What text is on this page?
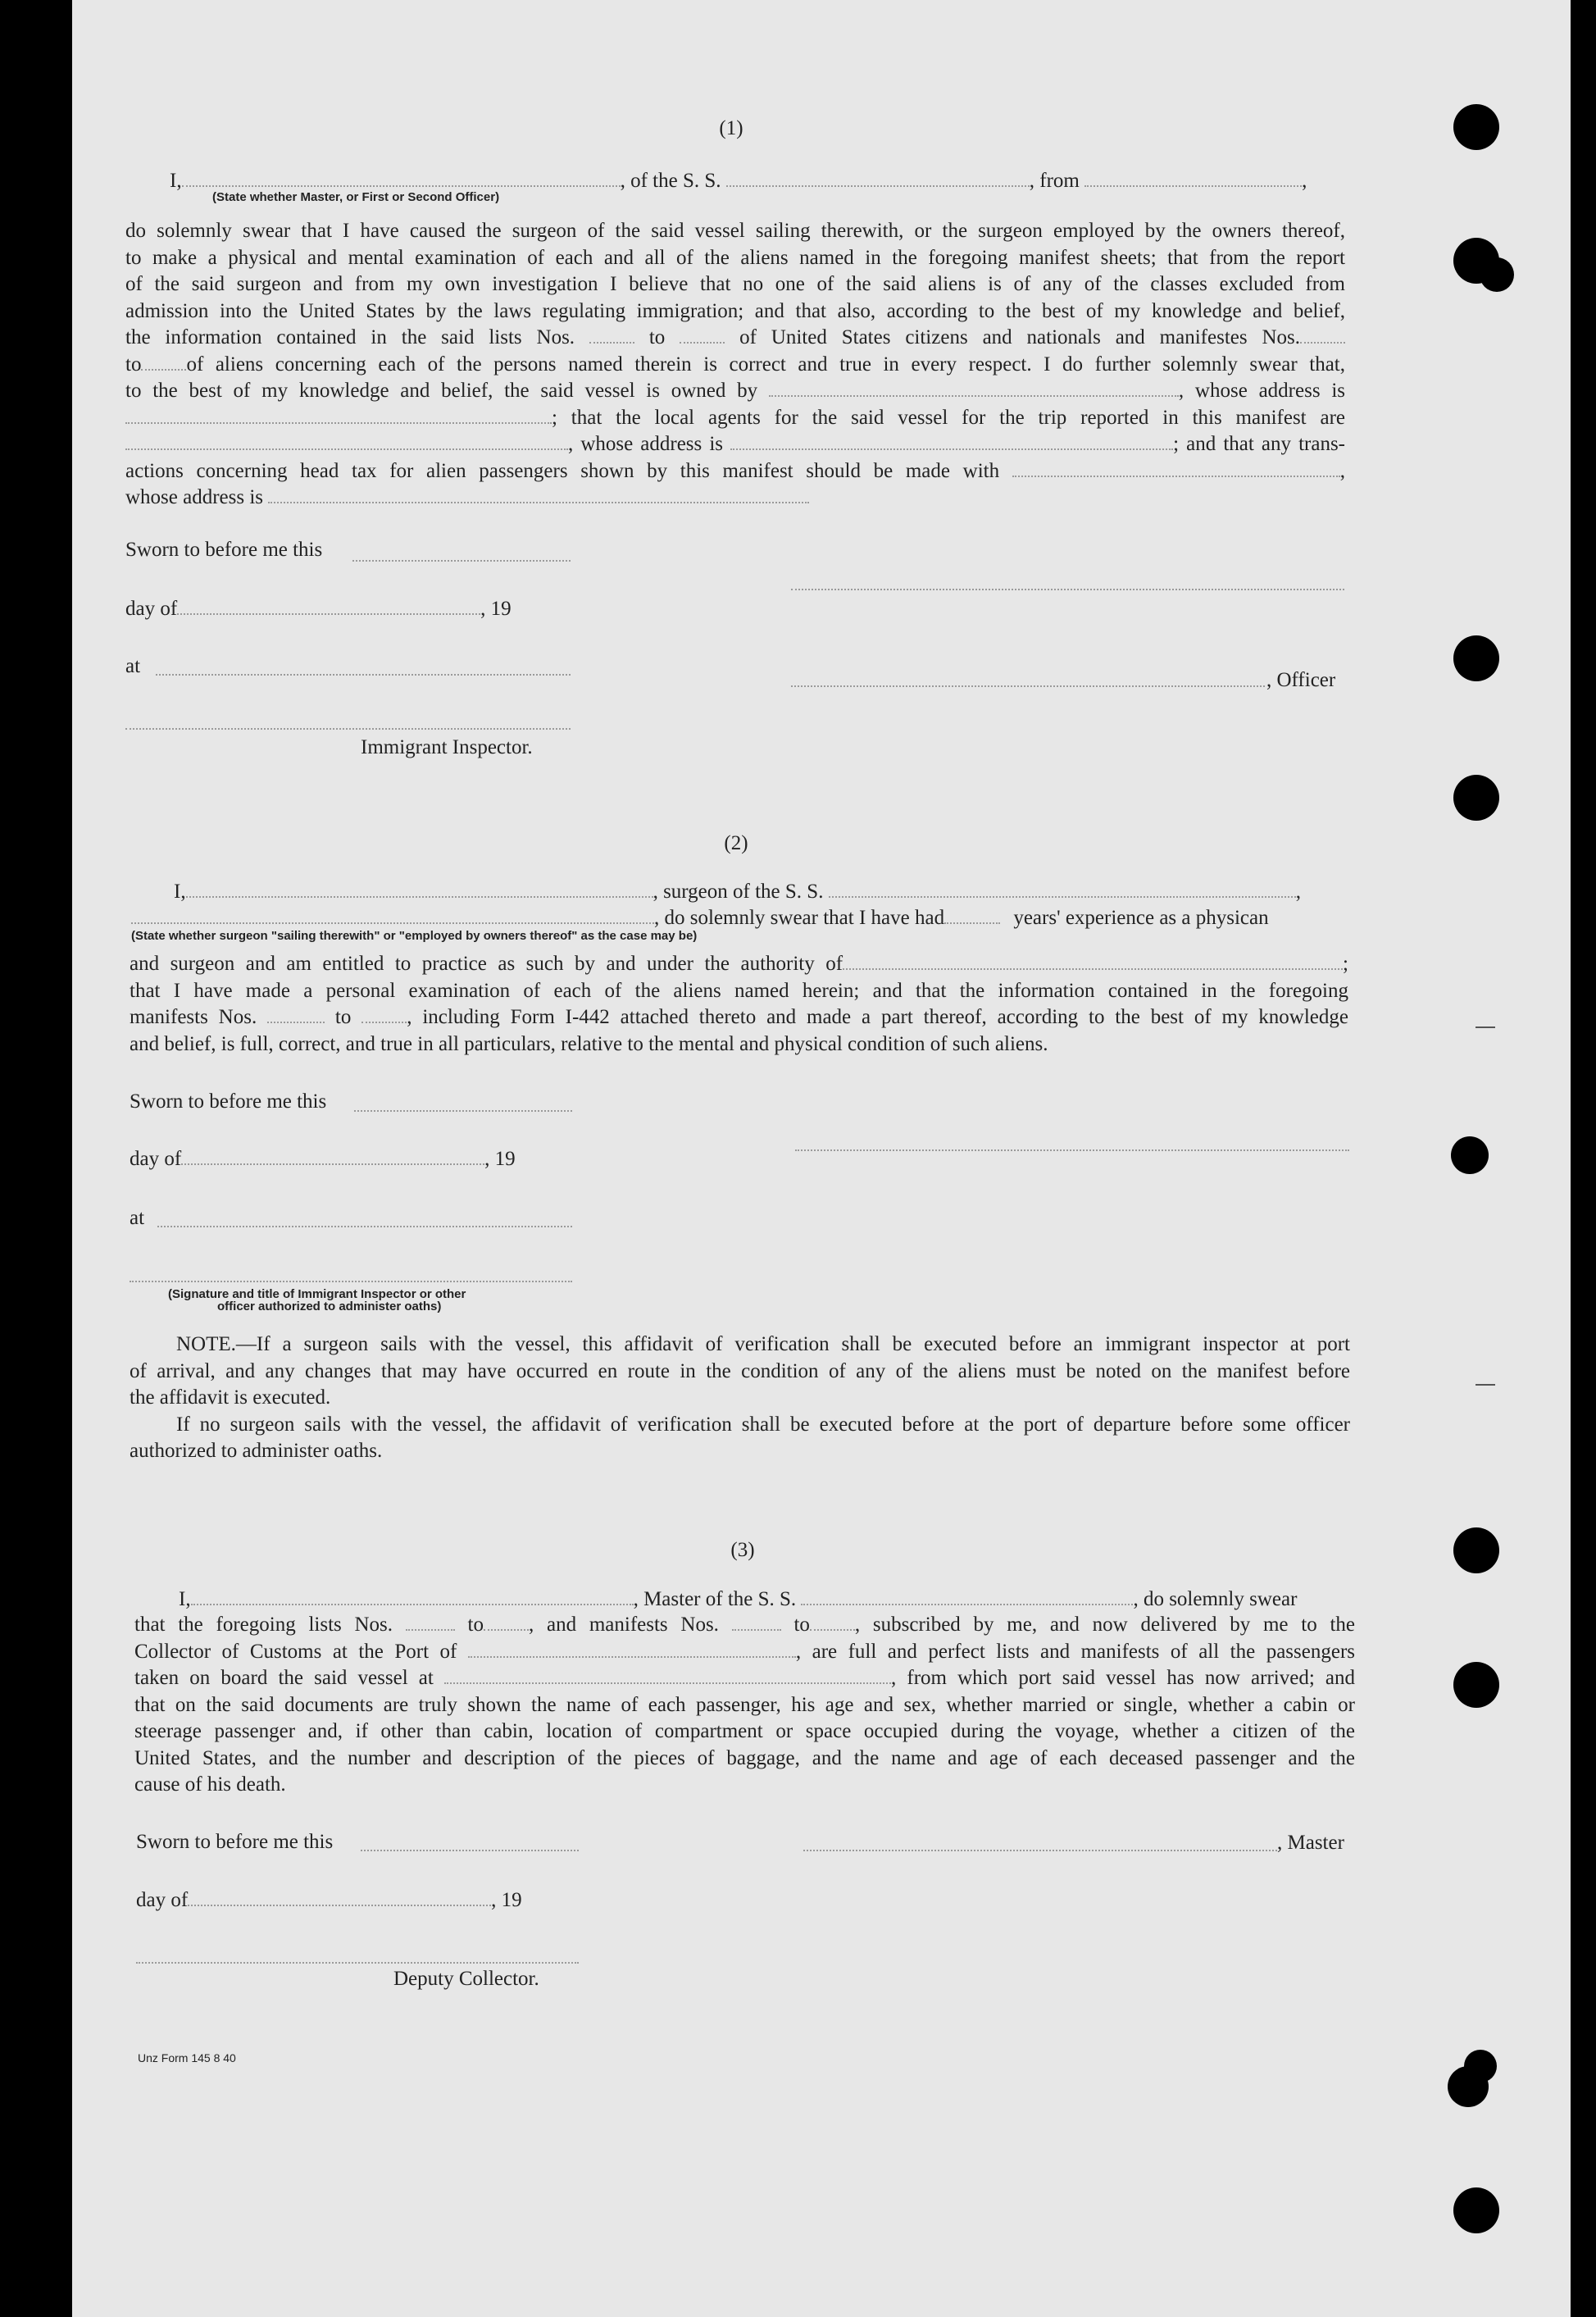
(1)
I,	, of the S. S.	, from	,
(State whether Master, or First or Second Officer)
do solemnly swear that I have caused the surgeon of the said vessel sailing therewith, or the surgeon employed by the owners thereof,
to make a physical and mental examination of each and all of the aliens named in the foregoing manifest sheets; that from the report
of the said surgeon and from my own investigation I believe that no one of the said aliens is of any of the classes excluded from
admission into the United States by the laws regulating immigration; and that also, according to the best of my knowledge and belief,
the information contained in the said lists Nos.	to	of United States citizens and nationals and manifestes Nos.
to of aliens concerning each of the persons named therein is correct and true in every respect. I do further solemnly swear that,
to the best of my knowledge and belief, the said vessel is owned by	, whose address is
; that the local agents for the said vessel for the trip reported in this manifest are
, whose address is	; and that any trans-
actions concerning head tax for alien passengers shown by this manifest should be made with	,
whose address is
Sworn to before me this
day of	, 19
at
, Officer
Immigrant Inspector.
(2)
I,	, surgeon of the S. S.	,
, do solemnly swear that I have had	years' experience as a physican
(State whether surgeon "sailing therewith" or "employed by owners thereof" as the case may be)
and surgeon and am entitled to practice as such by and under the authority of	;
that I have made a personal examination of each of the aliens named herein; and that the information contained in the foregoing
manifests Nos.	to	, including Form I-442 attached thereto and made a part thereof, according to the best of my knowledge
and belief, is full, correct, and true in all particulars, relative to the mental and physical condition of such aliens.
Sworn to before me this
day of	, 19
at
(Signature and title of Immigrant Inspector or other
officer authorized to administer oaths)
NOTE.—If a surgeon sails with the vessel, this affidavit of verification shall be executed before an immigrant inspector at port
of arrival, and any changes that may have occurred en route in the condition of any of the aliens must be noted on the manifest before
the affidavit is executed.
If no surgeon sails with the vessel, the affidavit of verification shall be executed before at the port of departure before some officer
authorized to administer oaths.
(3)
I,	, Master of the S. S.	, do solemnly swear
that the foregoing lists Nos.	to , and manifests Nos.	to , subscribed by me, and now delivered by me to the
Collector of Customs at the Port of	, are full and perfect lists and manifests of all the passengers
taken on board the said vessel at	, from which port said vessel has now arrived; and
that on the said documents are truly shown the name of each passenger, his age and sex, whether married or single, whether a cabin or
steerage passenger and, if other than cabin, location of compartment or space occupied during the voyage, whether a citizen of the
United States, and the number and description of the pieces of baggage, and the name and age of each deceased passenger and the
cause of his death.
Sworn to before me this	, Master
day of	, 19
Deputy Collector.
Unz Form 145 8 40
